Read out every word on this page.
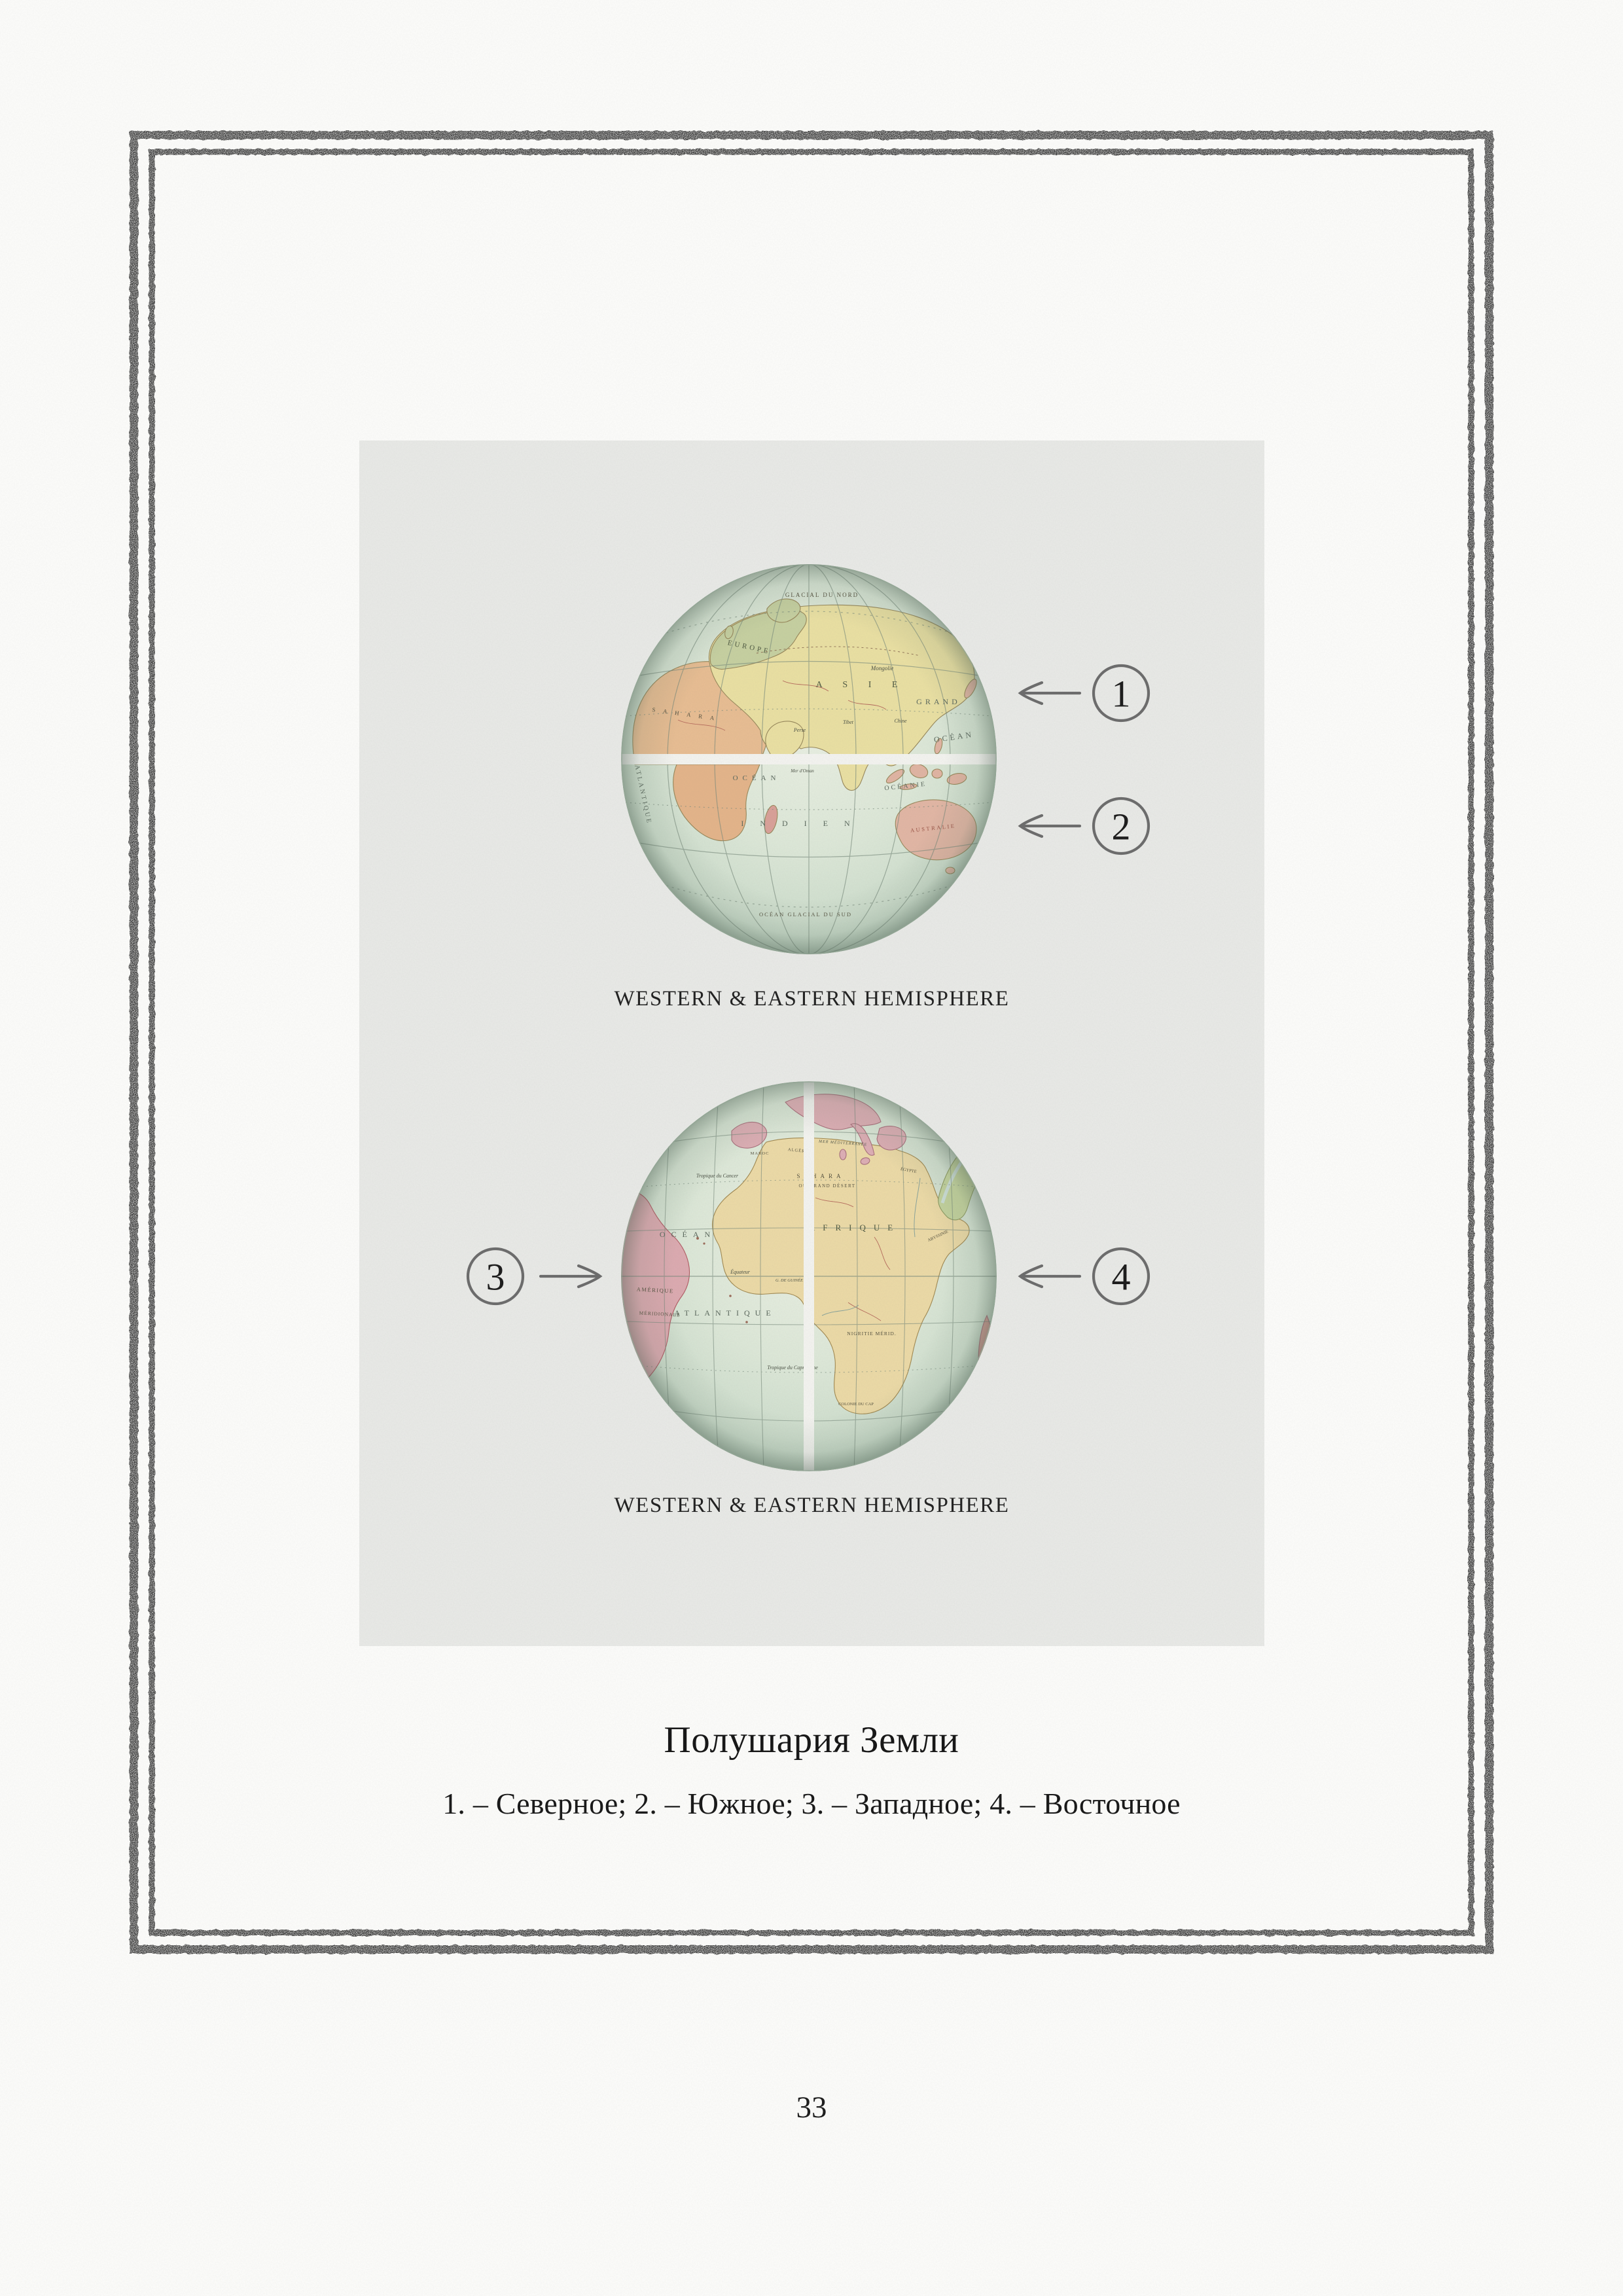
1
2
3	4
WESTERN & EASTERN HEMISPHERE
WESTERN & EASTERN HEMISPHERE
Полушария Земли
1. – Северное; 2. – Южное; 3. – Западное; 4. – Восточное
33
